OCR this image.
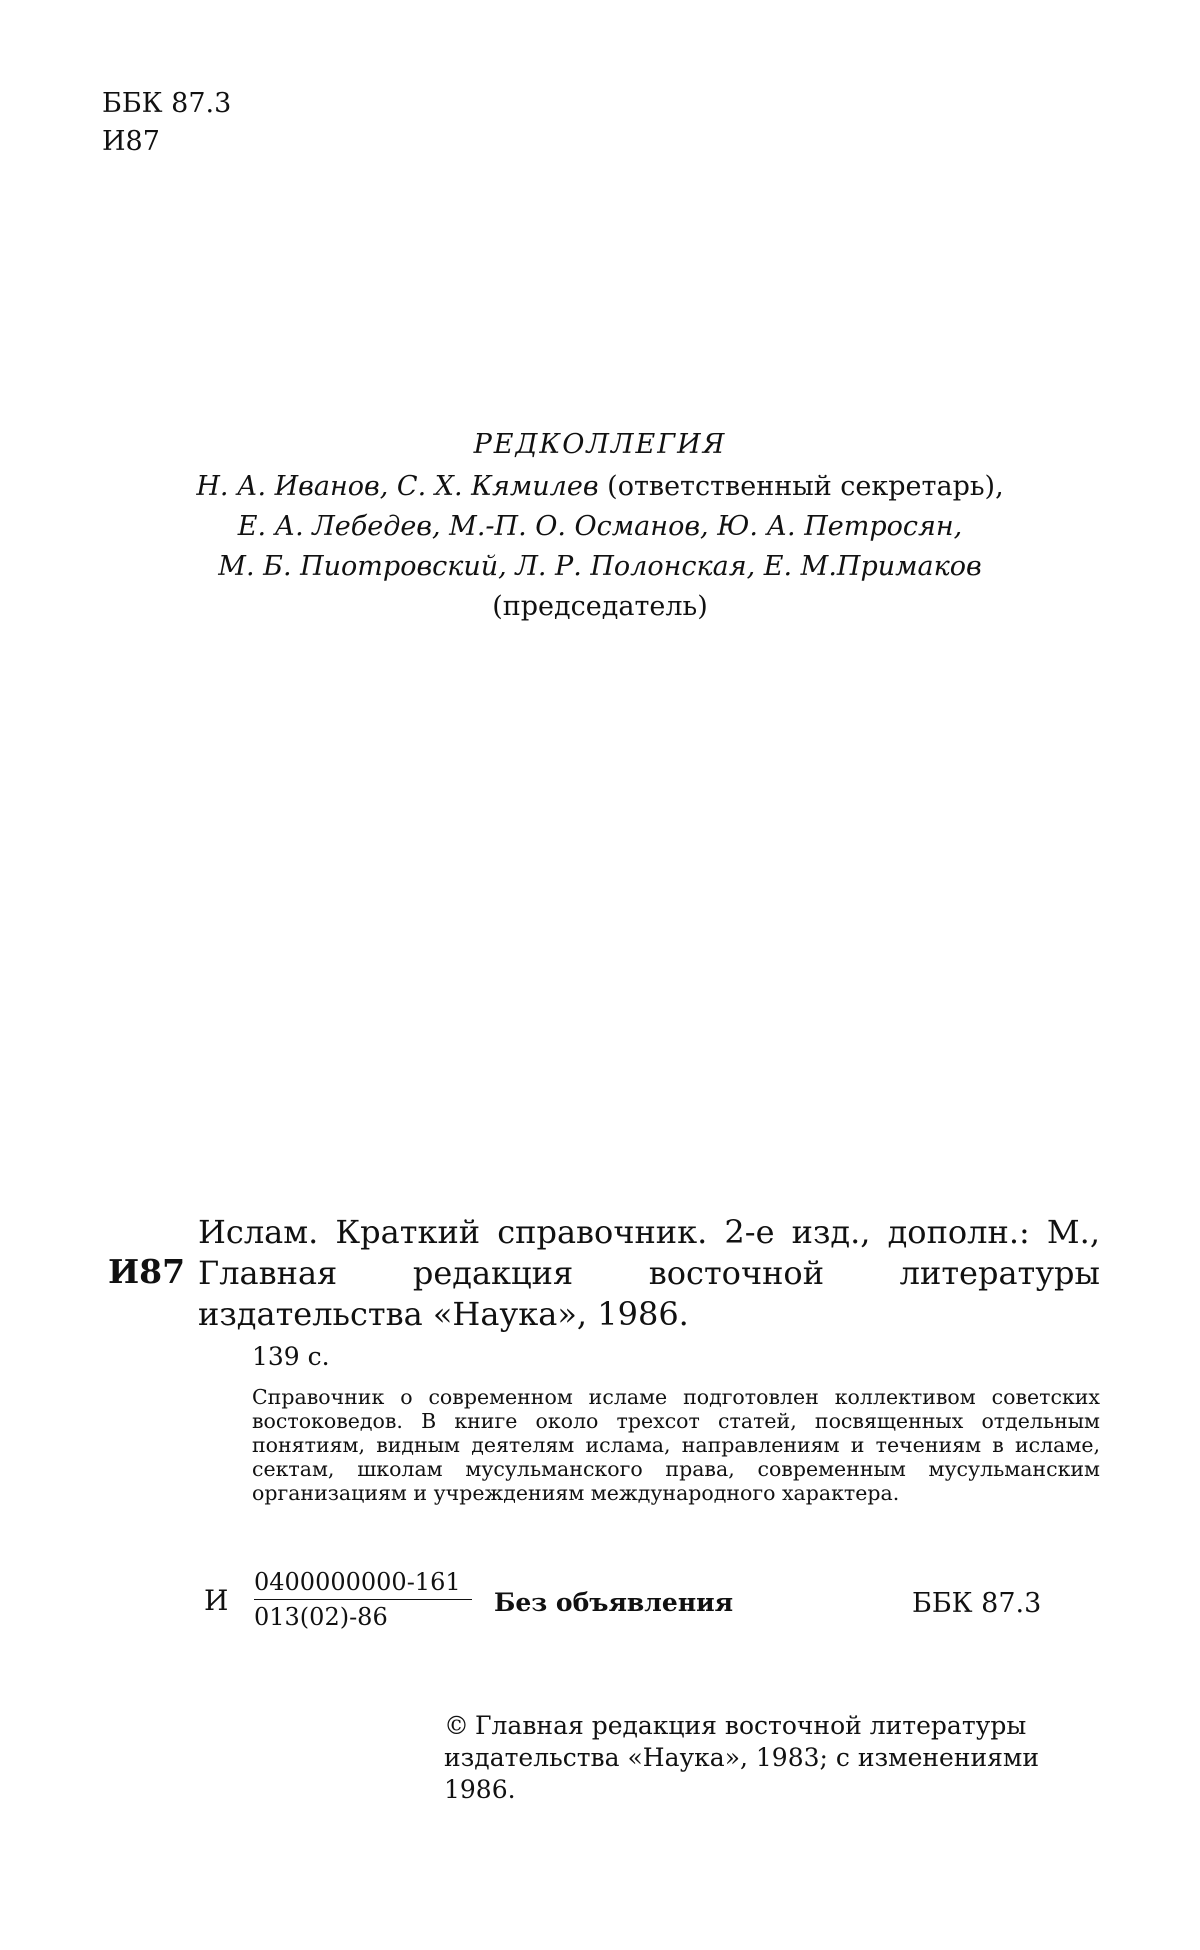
ББК 87.3
И87
РЕДКОЛЛЕГИЯ
Н. А. Иванов, С. Х. Кямилев (ответственный секретарь),
Е. А. Лебедев, М.-П. О. Османов, Ю. А. Петросян,
М. Б. Пиотровский, Л. Р. Полонская, Е. М.Примаков
(председатель)
И87
Ислам. Краткий справочник. 2-е изд., дополн.: М., Главная редакция восточной литературы издательства «Наука», 1986.
139 с.
Справочник о современном исламе подготовлен коллективом советских востоковедов. В книге около трехсот статей, посвященных отдельным понятиям, видным деятелям ислама, направлениям и течениям в исламе, сектам, школам мусульманского права, современным мусульманским организациям и учреждениям международного характера.
И $\frac{0400000000-161}{013(02)-86}$ Без объявления	ББК 87.3
© Главная редакция восточной литературы издательства «Наука», 1983; с изменениями 1986.
